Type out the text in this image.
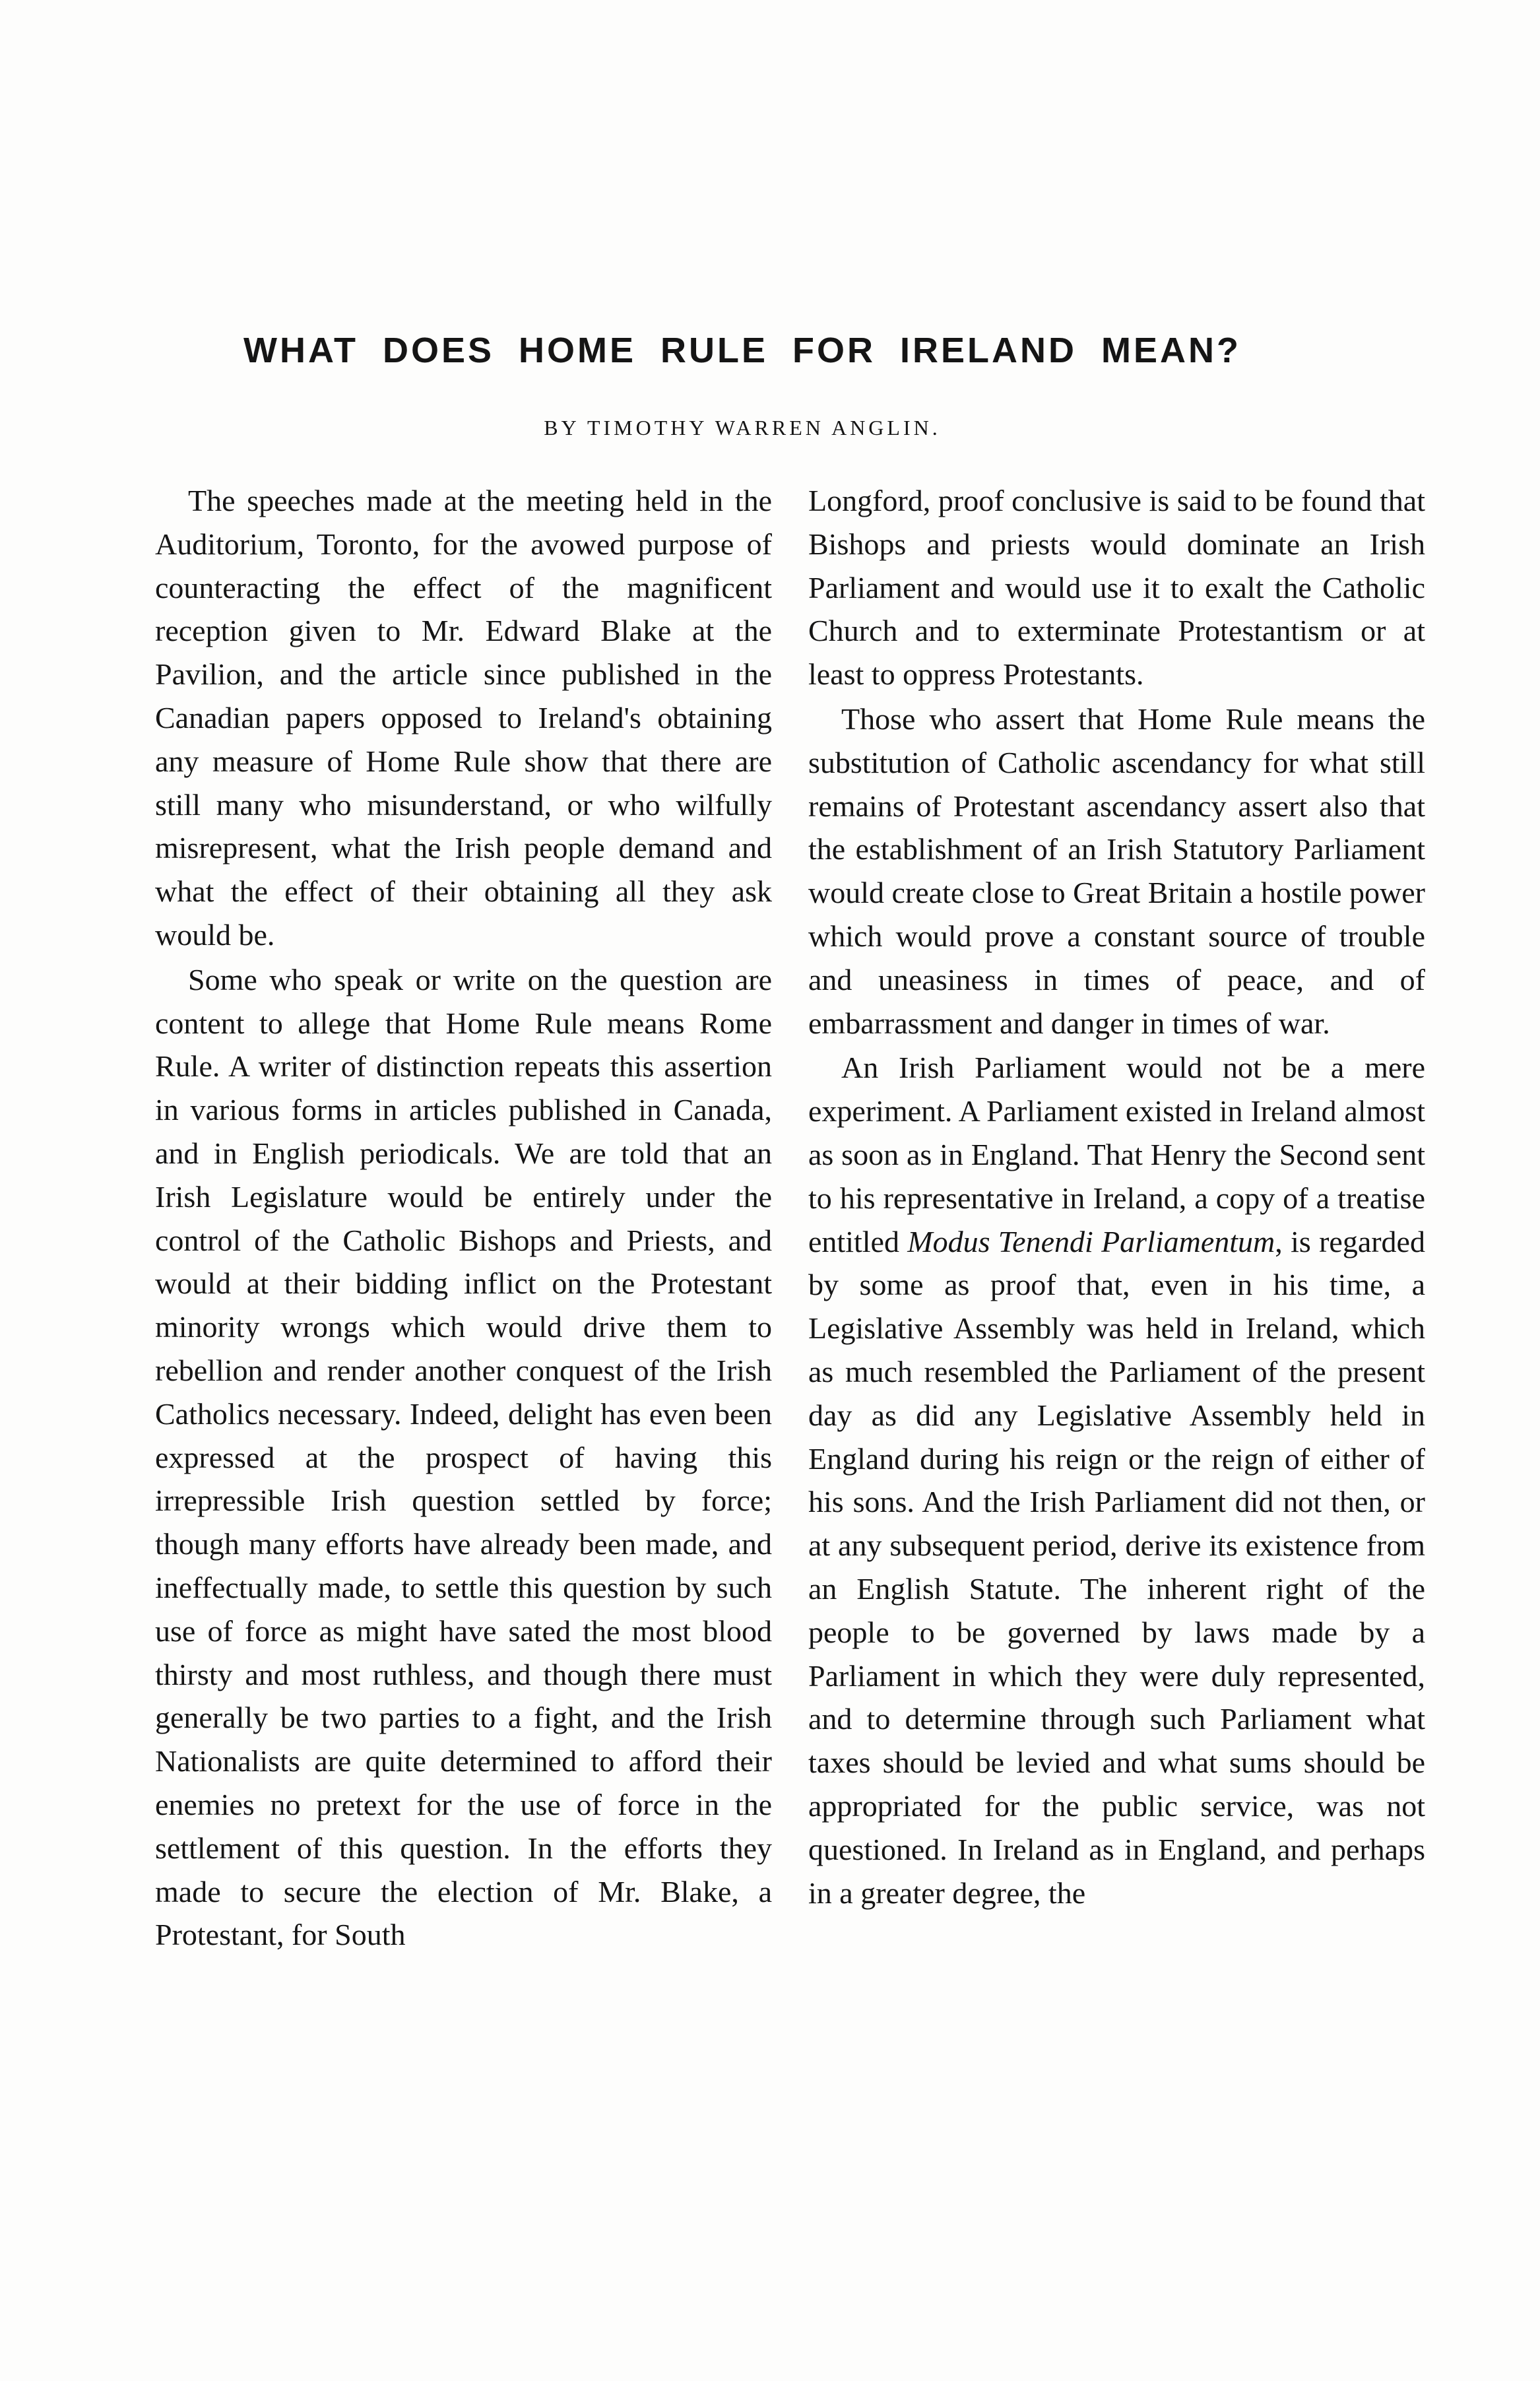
WHAT DOES HOME RULE FOR IRELAND MEAN?
BY TIMOTHY WARREN ANGLIN.

The speeches made at the meeting held in the Auditorium, Toronto, for the avowed purpose of counteracting the effect of the magnificent reception given to Mr. Edward Blake at the Pavilion, and the article since published in the Canadian papers opposed to Ireland's obtaining any measure of Home Rule show that there are still many who misunderstand, or who wilfully misrepresent, what the Irish people demand and what the effect of their obtaining all they ask would be.

Some who speak or write on the question are content to allege that Home Rule means Rome Rule. A writer of distinction repeats this assertion in various forms in articles published in Canada, and in English periodicals. We are told that an Irish Legislature would be entirely under the control of the Catholic Bishops and Priests, and would at their bidding inflict on the Protestant minority wrongs which would drive them to rebellion and render another conquest of the Irish Catholics necessary. Indeed, delight has even been expressed at the prospect of having this irrepressible Irish question settled by force; though many efforts have already been made, and ineffectually made, to settle this question by such use of force as might have sated the most blood thirsty and most ruthless, and though there must generally be two parties to a fight, and the Irish Nationalists are quite determined to afford their enemies no pretext for the use of force in the settlement of this question. In the efforts they made to secure the election of Mr. Blake, a Protestant, for South

Longford, proof conclusive is said to be found that Bishops and priests would dominate an Irish Parliament and would use it to exalt the Catholic Church and to exterminate Protestantism or at least to oppress Protestants.

Those who assert that Home Rule means the substitution of Catholic ascendancy for what still remains of Protestant ascendancy assert also that the establishment of an Irish Statutory Parliament would create close to Great Britain a hostile power which would prove a constant source of trouble and uneasiness in times of peace, and of embarrassment and danger in times of war.

An Irish Parliament would not be a mere experiment. A Parliament existed in Ireland almost as soon as in England. That Henry the Second sent to his representative in Ireland, a copy of a treatise entitled Modus Tenendi Parliamentum, is regarded by some as proof that, even in his time, a Legislative Assembly was held in Ireland, which as much resembled the Parliament of the present day as did any Legislative Assembly held in England during his reign or the reign of either of his sons. And the Irish Parliament did not then, or at any subsequent period, derive its existence from an English Statute. The inherent right of the people to be governed by laws made by a Parliament in which they were duly represented, and to determine through such Parliament what taxes should be levied and what sums should be appropriated for the public service, was not questioned. In Ireland as in England, and perhaps in a greater degree, the
